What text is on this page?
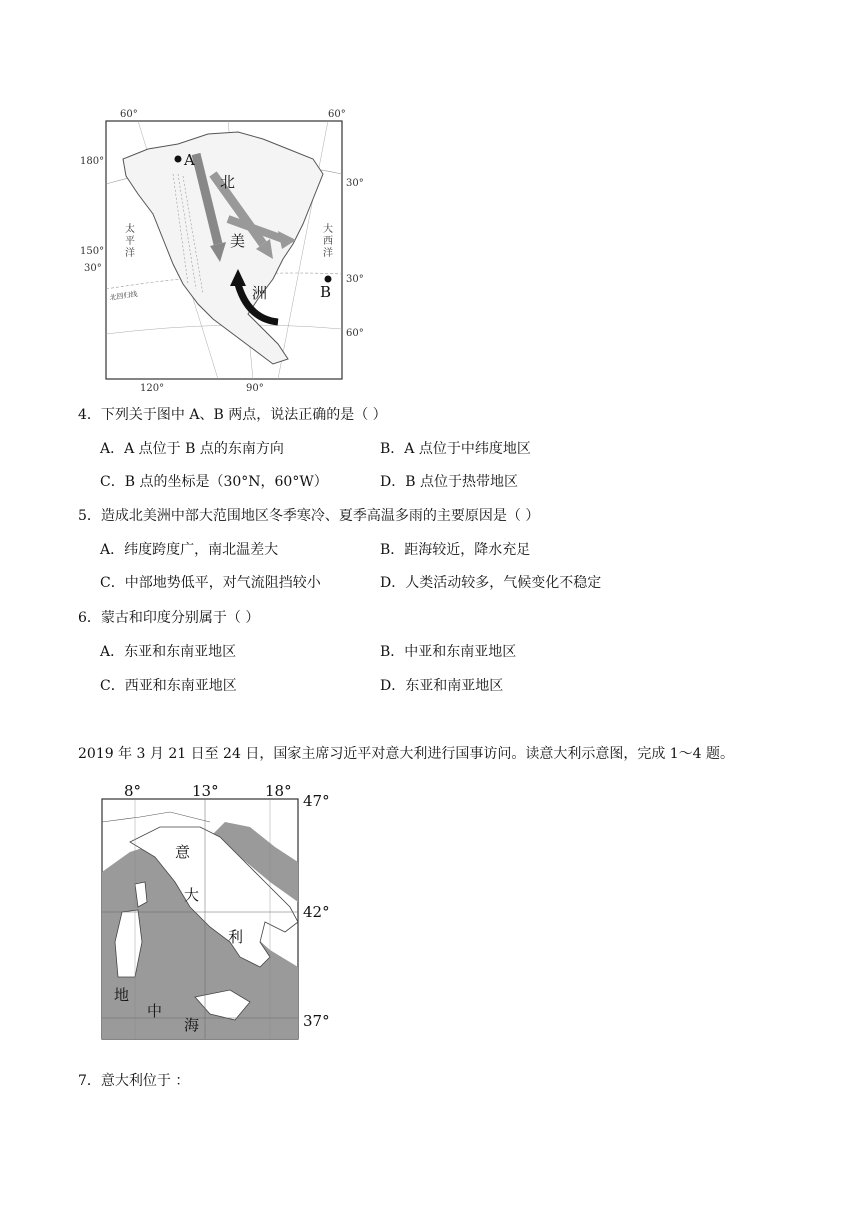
60°	60°
120°	90°
180°
150°
30°
30°
30°
60°
A
B
北
美
洲
太
平
洋
大
西
洋
北回归线
4．下列关于图中 A、B 两点，说法正确的是（ ）
A．A 点位于 B 点的东南方向	B．A 点位于中纬度地区
C．B 点的坐标是（30°N，60°W）	D．B 点位于热带地区
5．造成北美洲中部大范围地区冬季寒冷、夏季高温多雨的主要原因是（ ）
A．纬度跨度广，南北温差大	B．距海较近，降水充足
C．中部地势低平，对气流阻挡较小	D．人类活动较多，气候变化不稳定
6．蒙古和印度分别属于（ ）
A．东亚和东南亚地区	B．中亚和东南亚地区
C．西亚和东南亚地区	D．东亚和南亚地区
2019 年 3 月 21 日至 24 日，国家主席习近平对意大利进行国事访问。读意大利示意图，完成 1～4 题。
8°	13°	18°
47°
42°
37°
意
大
利
地
中
海
7．意大利位于 ：
